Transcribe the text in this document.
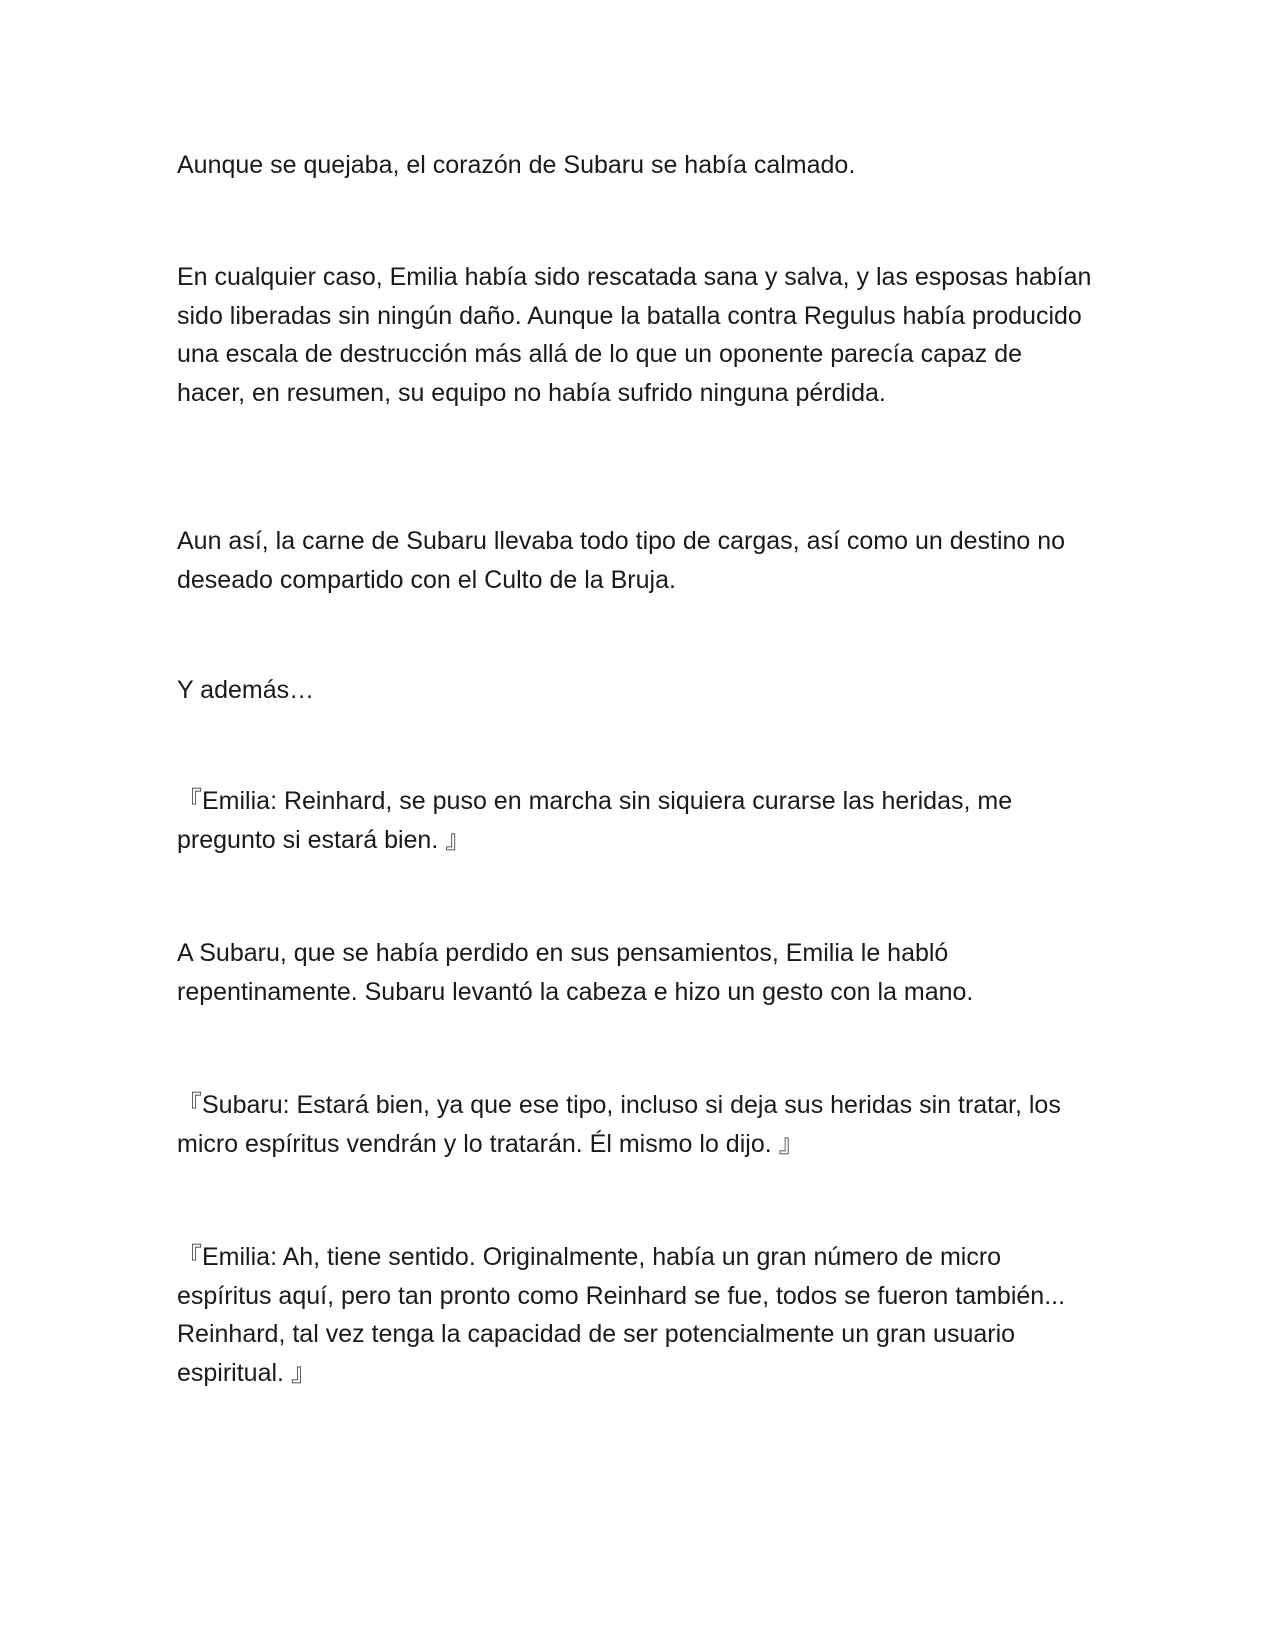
Aunque se quejaba, el corazón de Subaru se había calmado.

En cualquier caso, Emilia había sido rescatada sana y salva, y las esposas habían sido liberadas sin ningún daño. Aunque la batalla contra Regulus había producido una escala de destrucción más allá de lo que un oponente parecía capaz de hacer, en resumen, su equipo no había sufrido ninguna pérdida.

Aun así, la carne de Subaru llevaba todo tipo de cargas, así como un destino no deseado compartido con el Culto de la Bruja.

Y además…

『Emilia: Reinhard, se puso en marcha sin siquiera curarse las heridas, me pregunto si estará bien. 』

A Subaru, que se había perdido en sus pensamientos, Emilia le habló repentinamente. Subaru levantó la cabeza e hizo un gesto con la mano.

『Subaru: Estará bien, ya que ese tipo, incluso si deja sus heridas sin tratar, los micro espíritus vendrán y lo tratarán. Él mismo lo dijo. 』

『Emilia: Ah, tiene sentido. Originalmente, había un gran número de micro espíritus aquí, pero tan pronto como Reinhard se fue, todos se fueron también... Reinhard, tal vez tenga la capacidad de ser potencialmente un gran usuario espiritual. 』
